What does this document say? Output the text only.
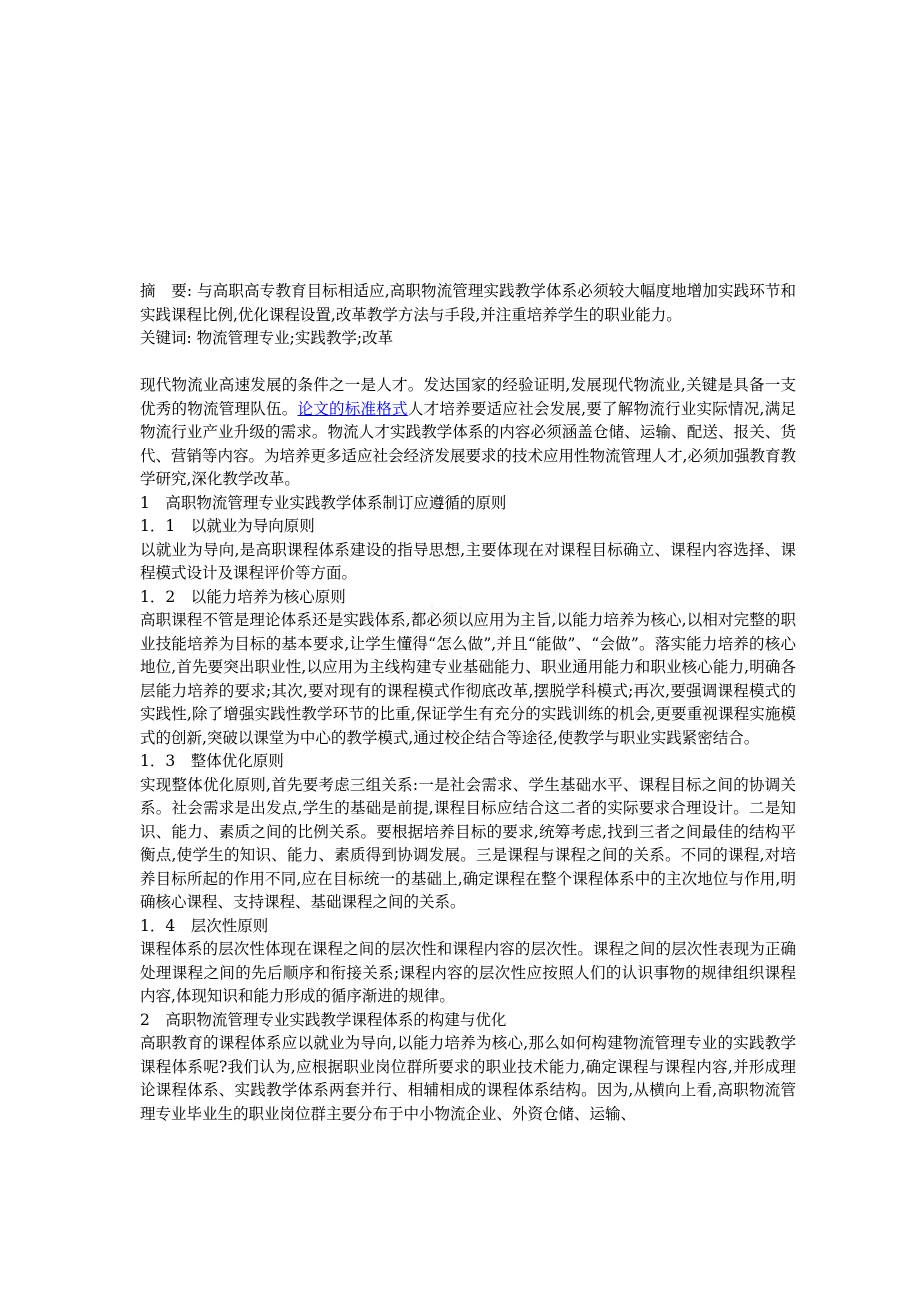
摘　要: 与高职高专教育目标相适应,高职物流管理实践教学体系必须较大幅度地增加实践环节和实践课程比例,优化课程设置,改革教学方法与手段,并注重培养学生的职业能力。

关键词: 物流管理专业;实践教学;改革

现代物流业高速发展的条件之一是人才。发达国家的经验证明,发展现代物流业,关键是具备一支优秀的物流管理队伍。论文的标准格式人才培养要适应社会发展,要了解物流行业实际情况,满足物流行业产业升级的需求。物流人才实践教学体系的内容必须涵盖仓储、运输、配送、报关、货代、营销等内容。为培养更多适应社会经济发展要求的技术应用性物流管理人才,必须加强教育教学研究,深化教学改革。

1　高职物流管理专业实践教学体系制订应遵循的原则

1．1　以就业为导向原则

以就业为导向,是高职课程体系建设的指导思想,主要体现在对课程目标确立、课程内容选择、课程模式设计及课程评价等方面。

1．2　以能力培养为核心原则

高职课程不管是理论体系还是实践体系,都必须以应用为主旨,以能力培养为核心,以相对完整的职业技能培养为目标的基本要求,让学生懂得“怎么做”,并且“能做”、“会做”。落实能力培养的核心地位,首先要突出职业性,以应用为主线构建专业基础能力、职业通用能力和职业核心能力,明确各层能力培养的要求;其次,要对现有的课程模式作彻底改革,摆脱学科模式;再次,要强调课程模式的实践性,除了增强实践性教学环节的比重,保证学生有充分的实践训练的机会,更要重视课程实施模式的创新,突破以课堂为中心的教学模式,通过校企结合等途径,使教学与职业实践紧密结合。

1．3　整体优化原则

实现整体优化原则,首先要考虑三组关系:一是社会需求、学生基础水平、课程目标之间的协调关系。社会需求是出发点,学生的基础是前提,课程目标应结合这二者的实际要求合理设计。二是知识、能力、素质之间的比例关系。要根据培养目标的要求,统筹考虑,找到三者之间最佳的结构平衡点,使学生的知识、能力、素质得到协调发展。三是课程与课程之间的关系。不同的课程,对培养目标所起的作用不同,应在目标统一的基础上,确定课程在整个课程体系中的主次地位与作用,明确核心课程、支持课程、基础课程之间的关系。

1．4　层次性原则

课程体系的层次性体现在课程之间的层次性和课程内容的层次性。课程之间的层次性表现为正确处理课程之间的先后顺序和衔接关系;课程内容的层次性应按照人们的认识事物的规律组织课程内容,体现知识和能力形成的循序渐进的规律。

2　高职物流管理专业实践教学课程体系的构建与优化

高职教育的课程体系应以就业为导向,以能力培养为核心,那么如何构建物流管理专业的实践教学课程体系呢?我们认为,应根据职业岗位群所要求的职业技术能力,确定课程与课程内容,并形成理论课程体系、实践教学体系两套并行、相辅相成的课程体系结构。因为,从横向上看,高职物流管理专业毕业生的职业岗位群主要分布于中小物流企业、外资仓储、运输、
